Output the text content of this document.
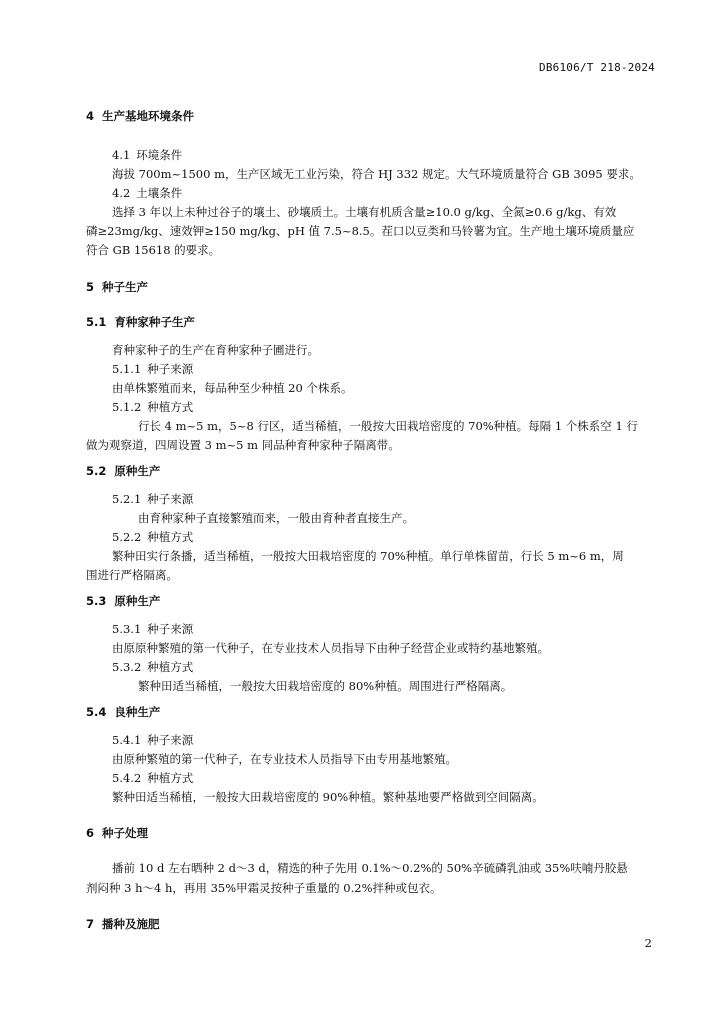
DB6106/T 218-2024
4 生产基地环境条件
4.1 环境条件
海拔 700m~1500 m，生产区域无工业污染，符合 HJ 332 规定。大气环境质量符合 GB 3095 要求。
4.2 土壤条件
选择 3 年以上未种过谷子的壤土、砂壤质土。土壤有机质含量≥10.0 g/kg、全氮≥0.6 g/kg、有效
磷≥23mg/kg、速效钾≥150 mg/kg、pH 值 7.5~8.5。茬口以豆类和马铃薯为宜。生产地土壤环境质量应
符合 GB 15618 的要求。
5 种子生产
5.1 育种家种子生产
育种家种子的生产在育种家种子圃进行。
5.1.1 种子来源
由单株繁殖而来，每品种至少种植 20 个株系。
5.1.2 种植方式
行长 4 m~5 m，5~8 行区，适当稀植，一般按大田栽培密度的 70%种植。每隔 1 个株系空 1 行
做为观察道，四周设置 3 m~5 m 同品种育种家种子隔离带。
5.2 原种生产
5.2.1 种子来源
由育种家种子直接繁殖而来，一般由育种者直接生产。
5.2.2 种植方式
繁种田实行条播，适当稀植，一般按大田栽培密度的 70%种植。单行单株留苗，行长 5 m~6 m，周
围进行严格隔离。
5.3 原种生产
5.3.1 种子来源
由原原种繁殖的第一代种子，在专业技术人员指导下由种子经营企业或特约基地繁殖。
5.3.2 种植方式
繁种田适当稀植，一般按大田栽培密度的 80%种植。周围进行严格隔离。
5.4 良种生产
5.4.1 种子来源
由原种繁殖的第一代种子，在专业技术人员指导下由专用基地繁殖。
5.4.2 种植方式
繁种田适当稀植，一般按大田栽培密度的 90%种植。繁种基地要严格做到空间隔离。
6 种子处理
播前 10 d 左右晒种 2 d～3 d，精选的种子先用 0.1%～0.2%的 50%辛硫磷乳油或 35%呋喃丹胶悬
剂闷种 3 h～4 h，再用 35%甲霜灵按种子重量的 0.2%拌种或包衣。
7 播种及施肥
2
